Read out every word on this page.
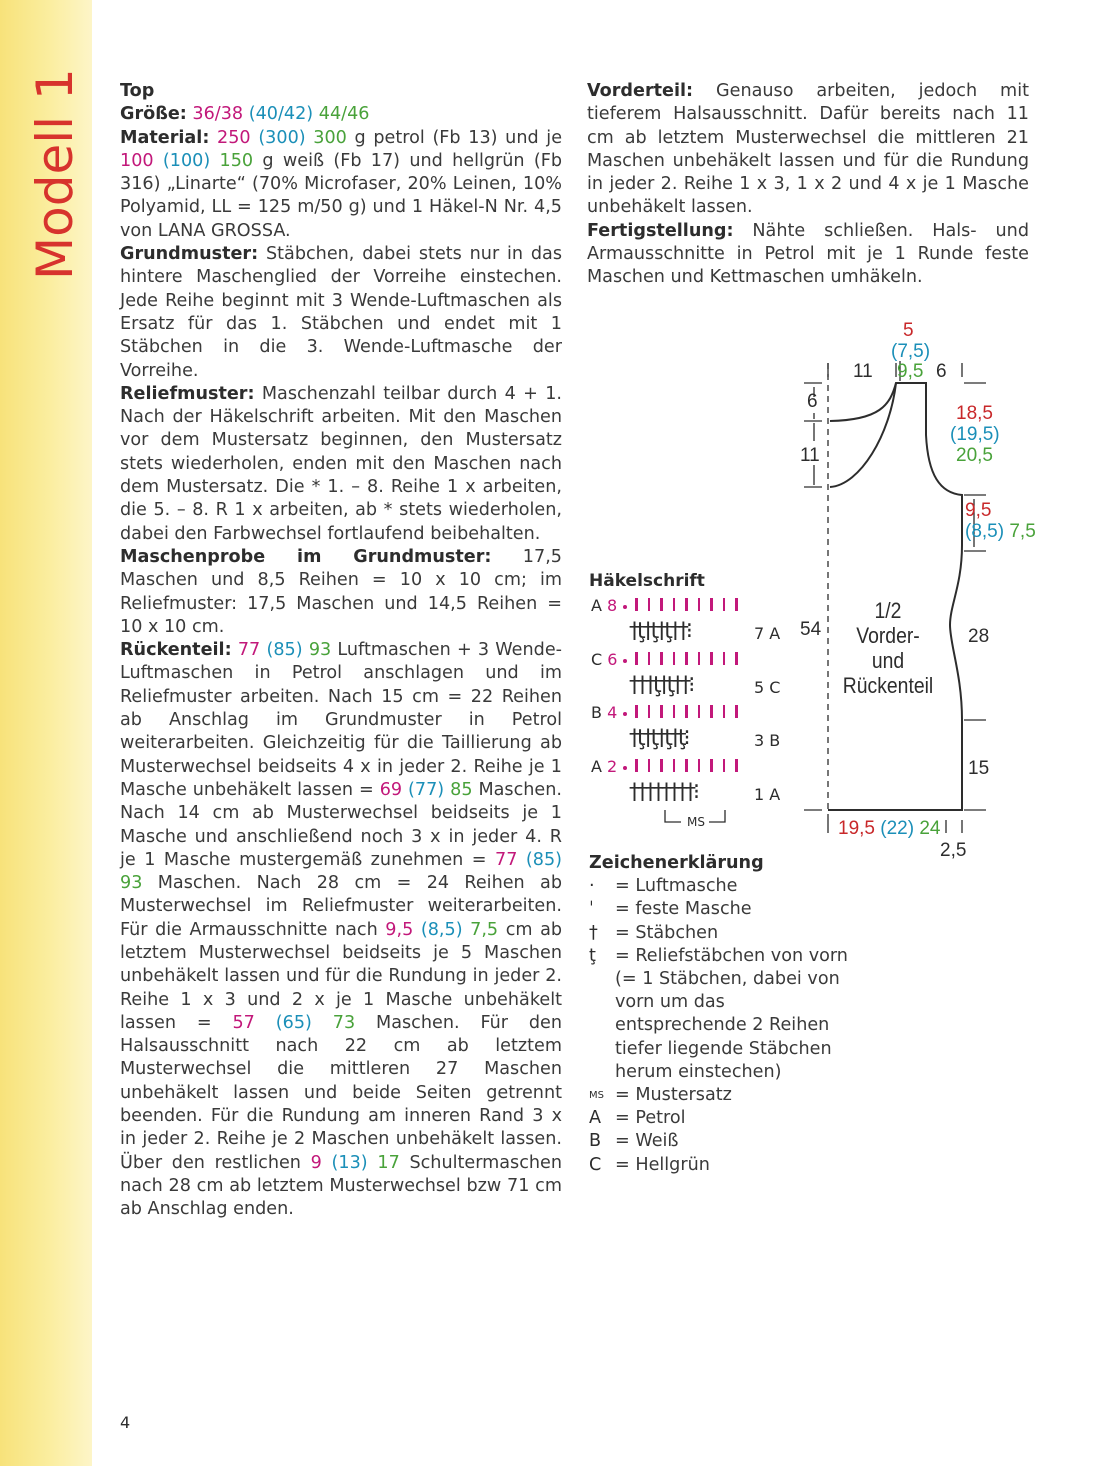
Modell 1 Top

Größe: 36/38 (40/42) 44/46

Material: 250 (300) 300 g petrol (Fb 13) und je 100 (100) 150 g weiß (Fb 17) und hellgrün (Fb 316) „Linarte“ (70% Microfaser, 20% Leinen, 10% Polyamid, LL = 125 m/50 g) und 1 Häkel-N Nr. 4,5 von LANA GROSSA.

Grundmuster: Stäbchen, dabei stets nur in das hintere Maschenglied der Vorreihe einstechen. Jede Reihe beginnt mit 3 Wende-Luftmaschen als Ersatz für das 1. Stäbchen und endet mit 1 Stäbchen in die 3. Wende-Luftmasche der Vorreihe.

Reliefmuster: Maschenzahl teilbar durch 4 + 1. Nach der Häkelschrift arbeiten. Mit den Maschen vor dem Mustersatz beginnen, den Mustersatz stets wiederholen, enden mit den Maschen nach dem Mustersatz. Die * 1. – 8. Reihe 1 x arbeiten, die 5. – 8. R 1 x arbeiten, ab * stets wiederholen, dabei den Farbwechsel fortlaufend beibehalten.

Maschenprobe im Grundmuster: 17,5 Maschen und 8,5 Reihen = 10 x 10 cm; im Reliefmuster: 17,5 Maschen und 14,5 Reihen = 10 x 10 cm.

Rückenteil: 77 (85) 93 Luftmaschen + 3 Wende-Luftmaschen in Petrol anschlagen und im Reliefmuster arbeiten. Nach 15 cm = 22 Reihen ab Anschlag im Grundmuster in Petrol weiterarbeiten. Gleichzeitig für die Taillierung ab Musterwechsel beidseits 4 x in jeder 2. Reihe je 1 Masche unbehäkelt lassen = 69 (77) 85 Maschen. Nach 14 cm ab Musterwechsel beidseits je 1 Masche und anschließend noch 3 x in jeder 4. R je 1 Masche mustergemäß zunehmen = 77 (85) 93 Maschen. Nach 28 cm = 24 Reihen ab Musterwechsel im Reliefmuster weiterarbeiten. Für die Armausschnitte nach 9,5 (8,5) 7,5 cm ab letztem Musterwechsel beidseits je 5 Maschen unbehäkelt lassen und für die Rundung in jeder 2. Reihe 1 x 3 und 2 x je 1 Masche unbehäkelt lassen = 57 (65) 73 Maschen. Für den Halsausschnitt nach 22 cm ab letztem Musterwechsel die mittleren 27 Maschen unbehäkelt lassen und beide Seiten getrennt beenden. Für die Rundung am inneren Rand 3 x in jeder 2. Reihe je 2 Maschen unbehäkelt lassen. Über den restlichen 9 (13) 17 Schultermaschen nach 28 cm ab letztem Musterwechsel bzw 71 cm ab Anschlag enden.

Vorderteil: Genauso arbeiten, jedoch mit tieferem Halsausschnitt. Dafür bereits nach 11 cm ab letztem Musterwechsel die mittleren 21 Maschen unbehäkelt lassen und für die Rundung in jeder 2. Reihe 1 x 3, 1 x 2 und 4 x je 1 Masche unbehäkelt lassen.

Fertigstellung: Nähte schließen. Hals- und Armausschnitte in Petrol mit je 1 Runde feste Maschen und Kettmaschen umhäkeln.

5
(7,5)
9,5
11	6
6
11
54
18,5
(19,5)
20,5
9,5
(8,5) 7,5
28
15
19,5 (22) 24
2,5
1/2 Vorder-
und
Rückenteil
Häkelschrift
A 8
†ţ†ţ†ţ††⁝	7 A
C 6
†††ţ†ţ††⁝	5 C
B 4
†ţ†ţ†ţ†ţ⁝	3 B
A 2
††††††††⁝	1 A
MS
Zeichenerklärung
·	= Luftmasche
ˈ	= feste Masche
† = Stäbchen
ţ	= Reliefstäbchen von vorn (= 1 Stäbchen, dabei von vorn um das entsprechende 2 Reihen tiefer liegende Stäbchen herum einstechen)
MS = Mustersatz
A = Petrol
B = Weiß
C = Hellgrün
4
